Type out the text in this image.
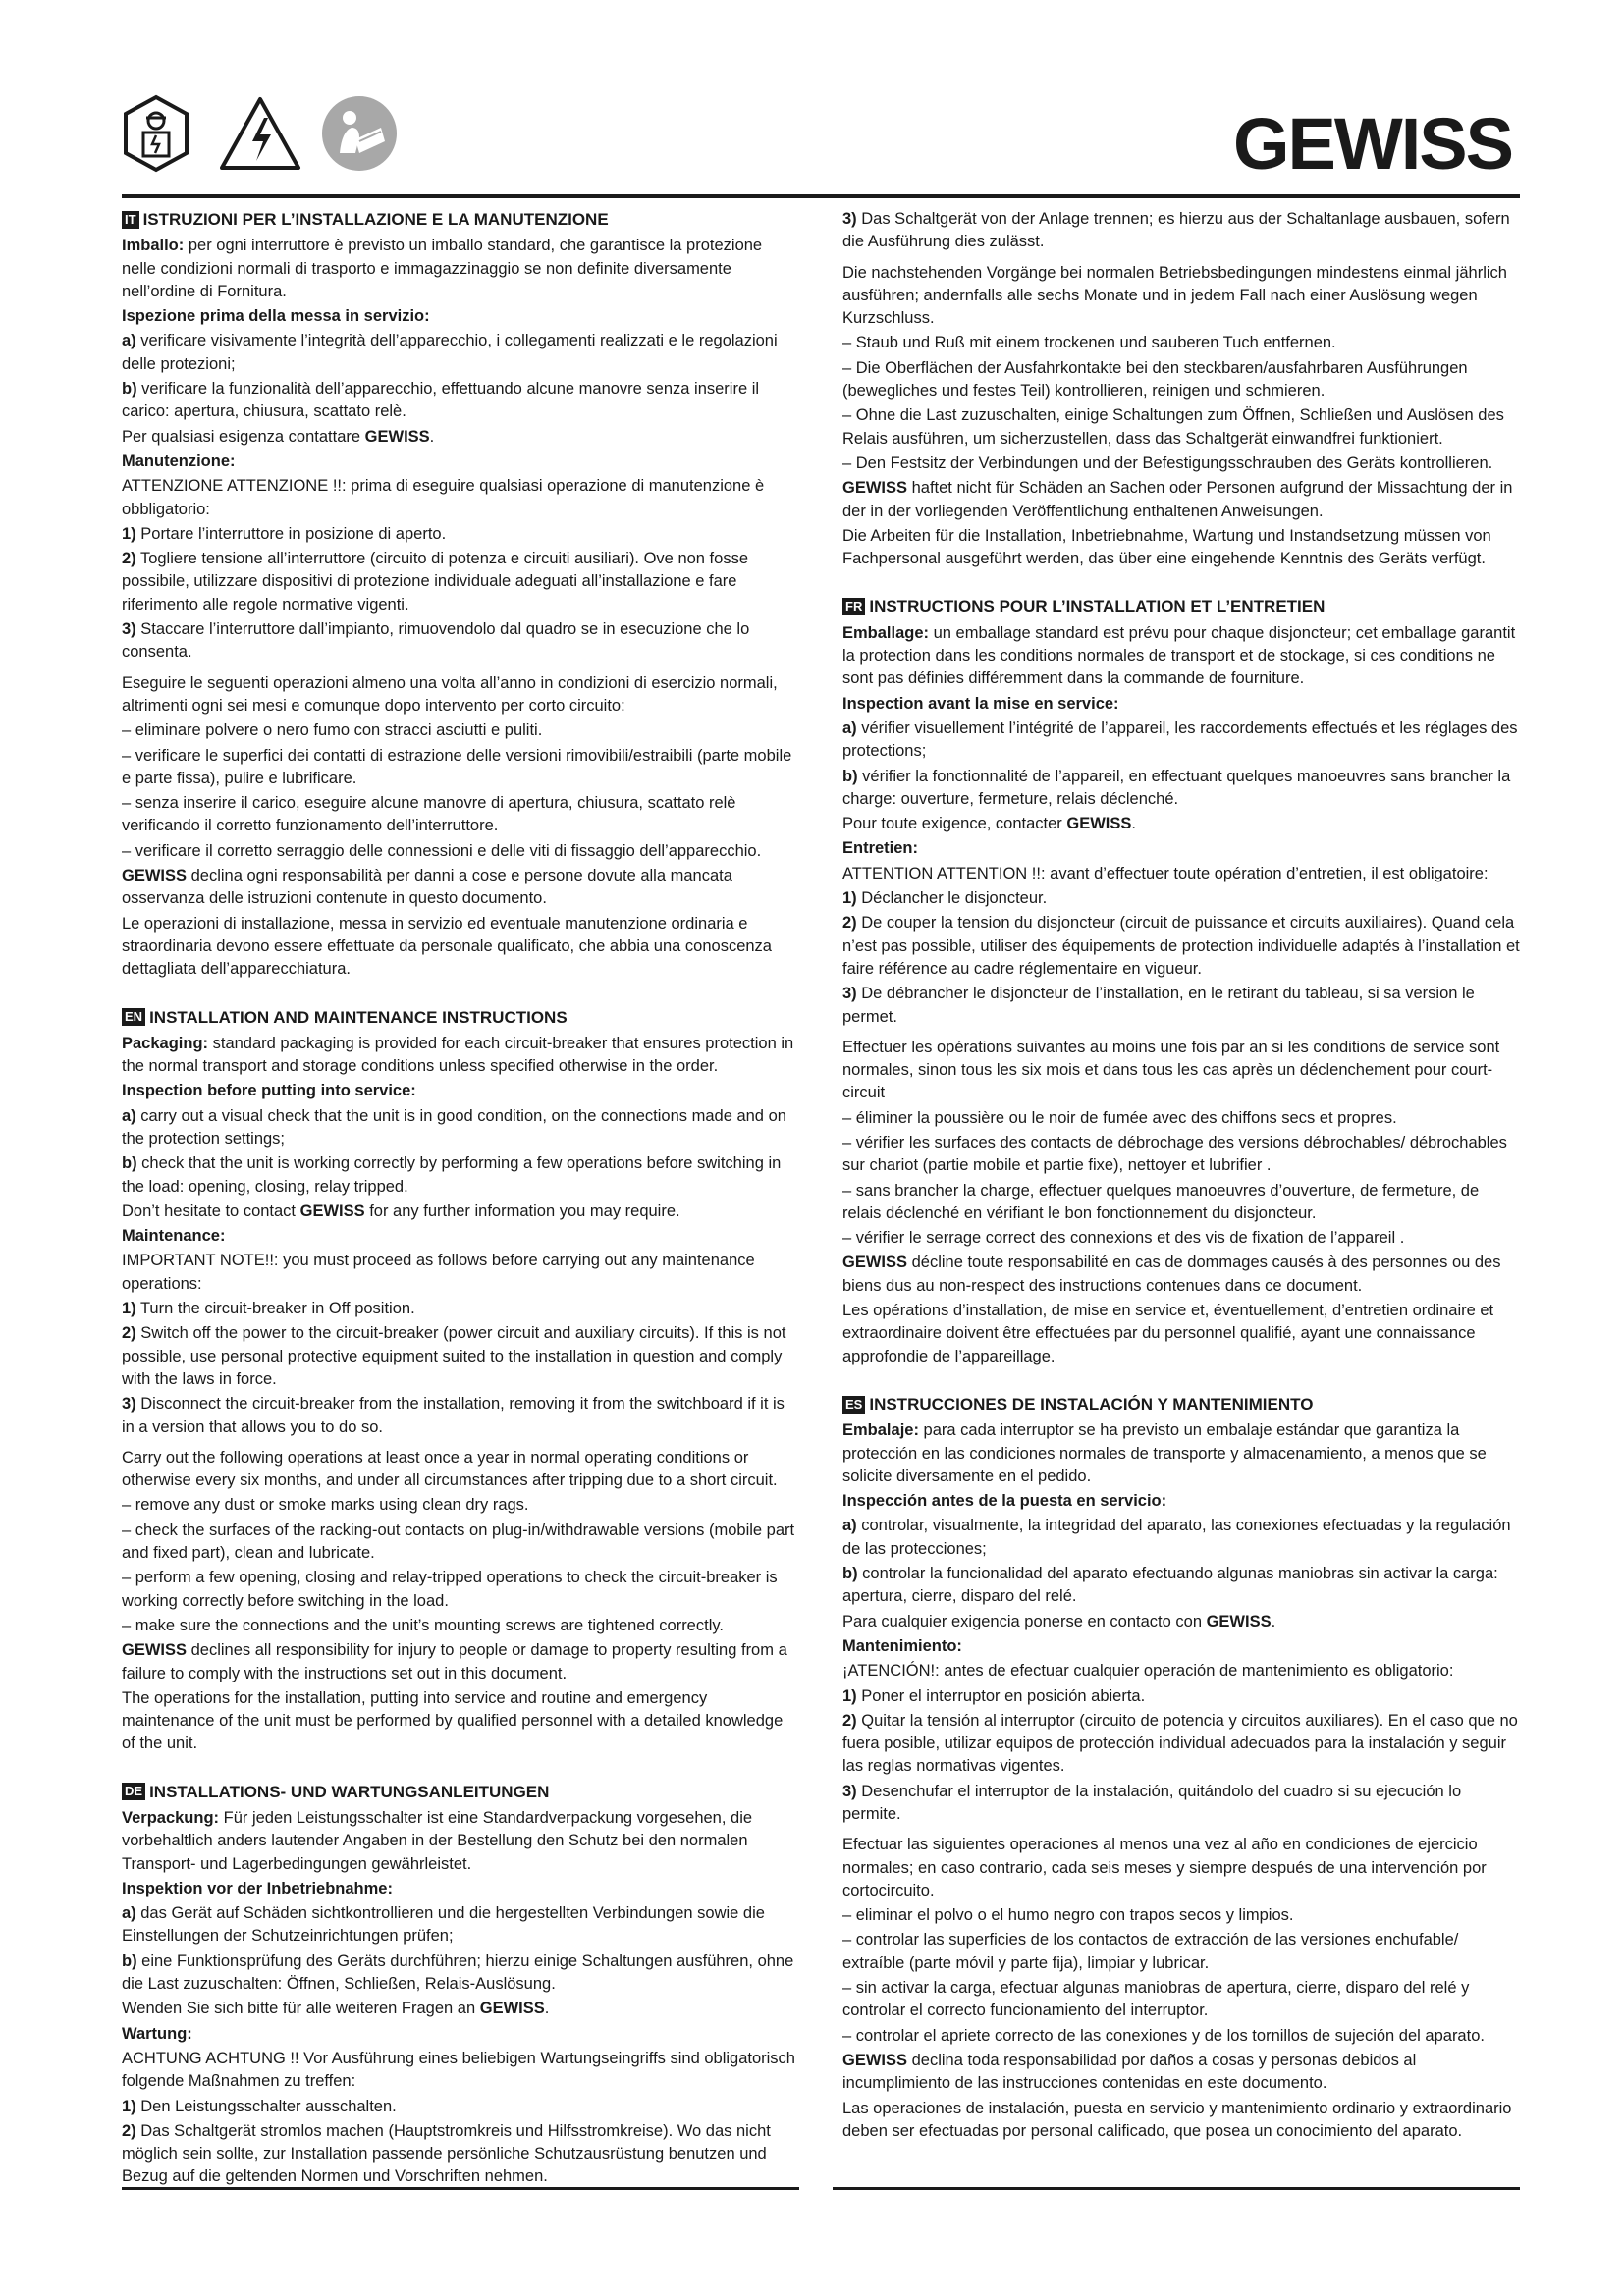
GEWISS
IT ISTRUZIONI PER L’INSTALLAZIONE E LA MANUTENZIONE

Imballo: per ogni interruttore è previsto un imballo standard, che garantisce la protezione nelle condizioni normali di trasporto e immagazzinaggio se non definite diversamente nell’ordine di Fornitura.

Ispezione prima della messa in servizio:

a) verificare visivamente l’integrità dell’apparecchio, i collegamenti realizzati e le regolazioni delle protezioni;

b) verificare la funzionalità dell’apparecchio, effettuando alcune manovre senza inserire il carico: apertura, chiusura, scattato relè.

Per qualsiasi esigenza contattare GEWISS.

Manutenzione:

ATTENZIONE ATTENZIONE !!: prima di eseguire qualsiasi operazione di manutenzione è obbligatorio:

1) Portare l’interruttore in posizione di aperto.

2) Togliere tensione all’interruttore (circuito di potenza e circuiti ausiliari). Ove non fosse possibile, utilizzare dispositivi di protezione individuale adeguati all’installazione e fare riferimento alle regole normative vigenti.

3) Staccare l’interruttore dall’impianto, rimuovendolo dal quadro se in esecuzione che lo consenta.

Eseguire le seguenti operazioni almeno una volta all’anno in condizioni di esercizio normali, altrimenti ogni sei mesi e comunque dopo intervento per corto circuito:

– eliminare polvere o nero fumo con stracci asciutti e puliti.

– verificare le superfici dei contatti di estrazione delle versioni rimovibili/estraibili (parte mobile e parte fissa), pulire e lubrificare.

– senza inserire il carico, eseguire alcune manovre di apertura, chiusura, scattato relè verificando il corretto funzionamento dell’interruttore.

– verificare il corretto serraggio delle connessioni e delle viti di fissaggio dell’apparecchio.

GEWISS declina ogni responsabilità per danni a cose e persone dovute alla mancata osservanza delle istruzioni contenute in questo documento.

Le operazioni di installazione, messa in servizio ed eventuale manutenzione ordinaria e straordinaria devono essere effettuate da personale qualificato, che abbia una conoscenza dettagliata dell’apparecchiatura.

EN INSTALLATION AND MAINTENANCE INSTRUCTIONS

Packaging: standard packaging is provided for each circuit-breaker that ensures protection in the normal transport and storage conditions unless specified otherwise in the order.

Inspection before putting into service:

a) carry out a visual check that the unit is in good condition, on the connections made and on the protection settings;

b) check that the unit is working correctly by performing a few operations before switching in the load: opening, closing, relay tripped.

Don’t hesitate to contact GEWISS for any further information you may require.

Maintenance:

IMPORTANT NOTE!!: you must proceed as follows before carrying out any maintenance operations:

1) Turn the circuit-breaker in Off position.

2) Switch off the power to the circuit-breaker (power circuit and auxiliary circuits). If this is not possible, use personal protective equipment suited to the installation in question and comply with the laws in force.

3) Disconnect the circuit-breaker from the installation, removing it from the switchboard if it is in a version that allows you to do so.

Carry out the following operations at least once a year in normal operating conditions or otherwise every six months, and under all circumstances after tripping due to a short circuit.

– remove any dust or smoke marks using clean dry rags.

– check the surfaces of the racking-out contacts on plug-in/withdrawable versions (mobile part and fixed part), clean and lubricate.

– perform a few opening, closing and relay-tripped operations to check the circuit-breaker is working correctly before switching in the load.

– make sure the connections and the unit’s mounting screws are tightened correctly.

GEWISS declines all responsibility for injury to people or damage to property resulting from a failure to comply with the instructions set out in this document.

The operations for the installation, putting into service and routine and emergency maintenance of the unit must be performed by qualified personnel with a detailed knowledge of the unit.

DE INSTALLATIONS- UND WARTUNGSANLEITUNGEN

Verpackung: Für jeden Leistungsschalter ist eine Standardverpackung vorgesehen, die vorbehaltlich anders lautender Angaben in der Bestellung den Schutz bei den normalen Transport- und Lagerbedingungen gewährleistet.

Inspektion vor der Inbetriebnahme:

a) das Gerät auf Schäden sichtkontrollieren und die hergestellten Verbindungen sowie die Einstellungen der Schutzeinrichtungen prüfen;

b) eine Funktionsprüfung des Geräts durchführen; hierzu einige Schaltungen ausführen, ohne die Last zuzuschalten: Öffnen, Schließen, Relais-Auslösung.

Wenden Sie sich bitte für alle weiteren Fragen an GEWISS.

Wartung:

ACHTUNG ACHTUNG !! Vor Ausführung eines beliebigen Wartungseingriffs sind obligatorisch folgende Maßnahmen zu treffen:

1) Den Leistungsschalter ausschalten.

2) Das Schaltgerät stromlos machen (Hauptstromkreis und Hilfsstromkreise). Wo das nicht möglich sein sollte, zur Installation passende persönliche Schutzausrüstung benutzen und Bezug auf die geltenden Normen und Vorschriften nehmen.

3) Das Schaltgerät von der Anlage trennen; es hierzu aus der Schaltanlage ausbauen, sofern die Ausführung dies zulässt.

Die nachstehenden Vorgänge bei normalen Betriebsbedingungen mindestens einmal jährlich ausführen; andernfalls alle sechs Monate und in jedem Fall nach einer Auslösung wegen Kurzschluss.

– Staub und Ruß mit einem trockenen und sauberen Tuch entfernen.

– Die Oberflächen der Ausfahrkontakte bei den steckbaren/ausfahrbaren Ausführungen (bewegliches und festes Teil) kontrollieren, reinigen und schmieren.

– Ohne die Last zuzuschalten, einige Schaltungen zum Öffnen, Schließen und Auslösen des Relais ausführen, um sicherzustellen, dass das Schaltgerät einwandfrei funktioniert.

– Den Festsitz der Verbindungen und der Befestigungsschrauben des Geräts kontrollieren.

GEWISS haftet nicht für Schäden an Sachen oder Personen aufgrund der Missachtung der in der in der vorliegenden Veröffentlichung enthaltenen Anweisungen.

Die Arbeiten für die Installation, Inbetriebnahme, Wartung und Instandsetzung müssen von Fachpersonal ausgeführt werden, das über eine eingehende Kenntnis des Geräts verfügt.

FR INSTRUCTIONS POUR L’INSTALLATION ET L’ENTRETIEN

Emballage: un emballage standard est prévu pour chaque disjoncteur; cet emballage garantit la protection dans les conditions normales de transport et de stockage, si ces conditions ne sont pas définies différemment dans la commande de fourniture.

Inspection avant la mise en service:

a) vérifier visuellement l’intégrité de l’appareil, les raccordements effectués et les réglages des protections;

b) vérifier la fonctionnalité de l’appareil, en effectuant quelques manoeuvres sans brancher la charge: ouverture, fermeture, relais déclenché.

Pour toute exigence, contacter GEWISS.

Entretien:

ATTENTION ATTENTION !!: avant d’effectuer toute opération d’entretien, il est obligatoire:

1) Déclancher le disjoncteur.

2) De couper la tension du disjoncteur (circuit de puissance et circuits auxiliaires). Quand cela n’est pas possible, utiliser des équipements de protection individuelle adaptés à l’installation et faire référence au cadre réglementaire en vigueur.

3) De débrancher le disjoncteur de l’installation, en le retirant du tableau, si sa version le permet.

Effectuer les opérations suivantes au moins une fois par an si les conditions de service sont normales, sinon tous les six mois et dans tous les cas après un déclenchement pour court-circuit

– éliminer la poussière ou le noir de fumée avec des chiffons secs et propres.

– vérifier les surfaces des contacts de débrochage des versions débrochables/ débrochables sur chariot (partie mobile et partie fixe), nettoyer et lubrifier .

– sans brancher la charge, effectuer quelques manoeuvres d’ouverture, de fermeture, de relais déclenché en vérifiant le bon fonctionnement du disjoncteur.

– vérifier le serrage correct des connexions et des vis de fixation de l’appareil .

GEWISS décline toute responsabilité en cas de dommages causés à des personnes ou des biens dus au non-respect des instructions contenues dans ce document.

Les opérations d’installation, de mise en service et, éventuellement, d’entretien ordinaire et extraordinaire doivent être effectuées par du personnel qualifié, ayant une connaissance approfondie de l’appareillage.

ES INSTRUCCIONES DE INSTALACIÓN Y MANTENIMIENTO

Embalaje: para cada interruptor se ha previsto un embalaje estándar que garantiza la protección en las condiciones normales de transporte y almacenamiento, a menos que se solicite diversamente en el pedido.

Inspección antes de la puesta en servicio:

a) controlar, visualmente, la integridad del aparato, las conexiones efectuadas y la regulación de las protecciones;

b) controlar la funcionalidad del aparato efectuando algunas maniobras sin activar la carga: apertura, cierre, disparo del relé.

Para cualquier exigencia ponerse en contacto con GEWISS.

Mantenimiento:

¡ATENCIÓN!: antes de efectuar cualquier operación de mantenimiento es obligatorio:

1) Poner el interruptor en posición abierta.

2) Quitar la tensión al interruptor (circuito de potencia y circuitos auxiliares). En el caso que no fuera posible, utilizar equipos de protección individual adecuados para la instalación y seguir las reglas normativas vigentes.

3) Desenchufar el interruptor de la instalación, quitándolo del cuadro si su ejecución lo permite.

Efectuar las siguientes operaciones al menos una vez al año en condiciones de ejercicio normales; en caso contrario, cada seis meses y siempre después de una intervención por cortocircuito.

– eliminar el polvo o el humo negro con trapos secos y limpios.

– controlar las superficies de los contactos de extracción de las versiones enchufable/ extraíble (parte móvil y parte fija), limpiar y lubricar.

– sin activar la carga, efectuar algunas maniobras de apertura, cierre, disparo del relé y controlar el correcto funcionamiento del interruptor.

– controlar el apriete correcto de las conexiones y de los tornillos de sujeción del aparato.

GEWISS declina toda responsabilidad por daños a cosas y personas debidos al incumplimiento de las instrucciones contenidas en este documento.

Las operaciones de instalación, puesta en servicio y mantenimiento ordinario y extraordinario deben ser efectuadas por personal calificado, que posea un conocimiento del aparato.
